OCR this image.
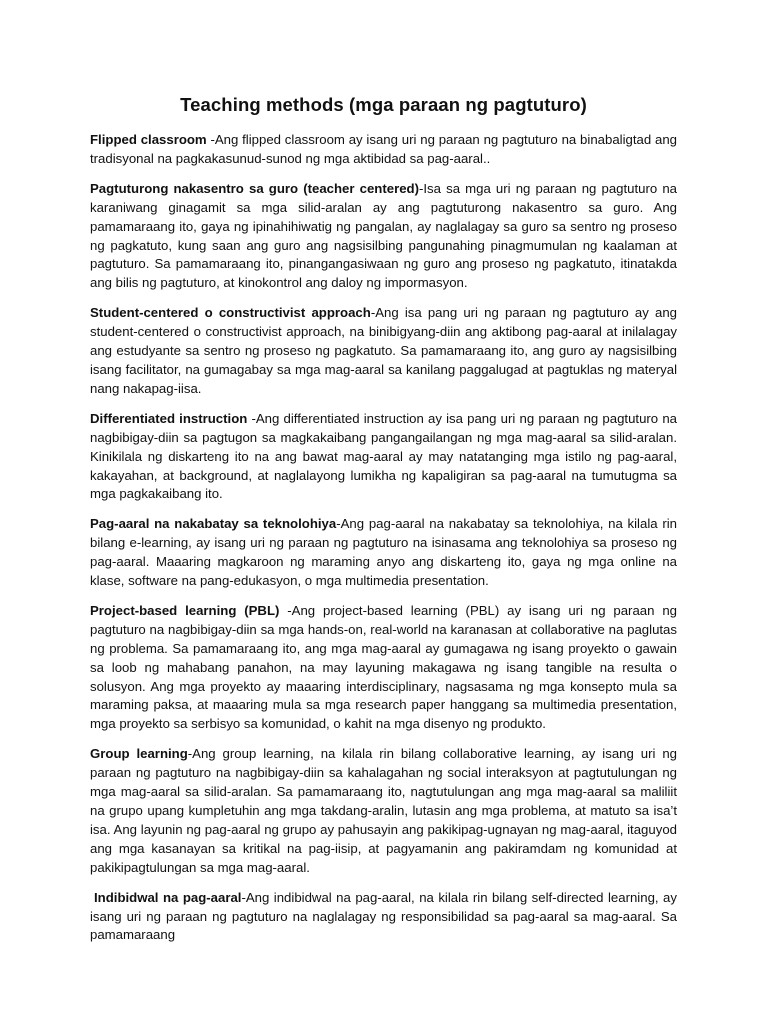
Teaching methods (mga paraan ng pagtuturo)

Flipped classroom -Ang flipped classroom ay isang uri ng paraan ng pagtuturo na binabaligtad ang tradisyonal na pagkakasunud-sunod ng mga aktibidad sa pag-aaral..

Pagtuturong nakasentro sa guro (teacher centered)-Isa sa mga uri ng paraan ng pagtuturo na karaniwang ginagamit sa mga silid-aralan ay ang pagtuturong nakasentro sa guro. Ang pamamaraang ito, gaya ng ipinahihiwatig ng pangalan, ay naglalagay sa guro sa sentro ng proseso ng pagkatuto, kung saan ang guro ang nagsisilbing pangunahing pinagmumulan ng kaalaman at pagtuturo. Sa pamamaraang ito, pinangangasiwaan ng guro ang proseso ng pagkatuto, itinatakda ang bilis ng pagtuturo, at kinokontrol ang daloy ng impormasyon.

Student-centered o constructivist approach-Ang isa pang uri ng paraan ng pagtuturo ay ang student-centered o constructivist approach, na binibigyang-diin ang aktibong pag-aaral at inilalagay ang estudyante sa sentro ng proseso ng pagkatuto. Sa pamamaraang ito, ang guro ay nagsisilbing isang facilitator, na gumagabay sa mga mag-aaral sa kanilang paggalugad at pagtuklas ng materyal nang nakapag-iisa.

Differentiated instruction -Ang differentiated instruction ay isa pang uri ng paraan ng pagtuturo na nagbibigay-diin sa pagtugon sa magkakaibang pangangailangan ng mga mag-aaral sa silid-aralan. Kinikilala ng diskarteng ito na ang bawat mag-aaral ay may natatanging mga istilo ng pag-aaral, kakayahan, at background, at naglalayong lumikha ng kapaligiran sa pag-aaral na tumutugma sa mga pagkakaibang ito.

Pag-aaral na nakabatay sa teknolohiya-Ang pag-aaral na nakabatay sa teknolohiya, na kilala rin bilang e-learning, ay isang uri ng paraan ng pagtuturo na isinasama ang teknolohiya sa proseso ng pag-aaral. Maaaring magkaroon ng maraming anyo ang diskarteng ito, gaya ng mga online na klase, software na pang-edukasyon, o mga multimedia presentation.

Project-based learning (PBL) -Ang project-based learning (PBL) ay isang uri ng paraan ng pagtuturo na nagbibigay-diin sa mga hands-on, real-world na karanasan at collaborative na paglutas ng problema. Sa pamamaraang ito, ang mga mag-aaral ay gumagawa ng isang proyekto o gawain sa loob ng mahabang panahon, na may layuning makagawa ng isang tangible na resulta o solusyon. Ang mga proyekto ay maaaring interdisciplinary, nagsasama ng mga konsepto mula sa maraming paksa, at maaaring mula sa mga research paper hanggang sa multimedia presentation, mga proyekto sa serbisyo sa komunidad, o kahit na mga disenyo ng produkto.

Group learning-Ang group learning, na kilala rin bilang collaborative learning, ay isang uri ng paraan ng pagtuturo na nagbibigay-diin sa kahalagahan ng social interaksyon at pagtutulungan ng mga mag-aaral sa silid-aralan. Sa pamamaraang ito, nagtutulungan ang mga mag-aaral sa maliliit na grupo upang kumpletuhin ang mga takdang-aralin, lutasin ang mga problema, at matuto sa isa’t isa. Ang layunin ng pag-aaral ng grupo ay pahusayin ang pakikipag-ugnayan ng mag-aaral, itaguyod ang mga kasanayan sa kritikal na pag-iisip, at pagyamanin ang pakiramdam ng komunidad at pakikipagtulungan sa mga mag-aaral.

Indibidwal na pag-aaral-Ang indibidwal na pag-aaral, na kilala rin bilang self-directed learning, ay isang uri ng paraan ng pagtuturo na naglalagay ng responsibilidad sa pag-aaral sa mag-aaral. Sa pamamaraang
